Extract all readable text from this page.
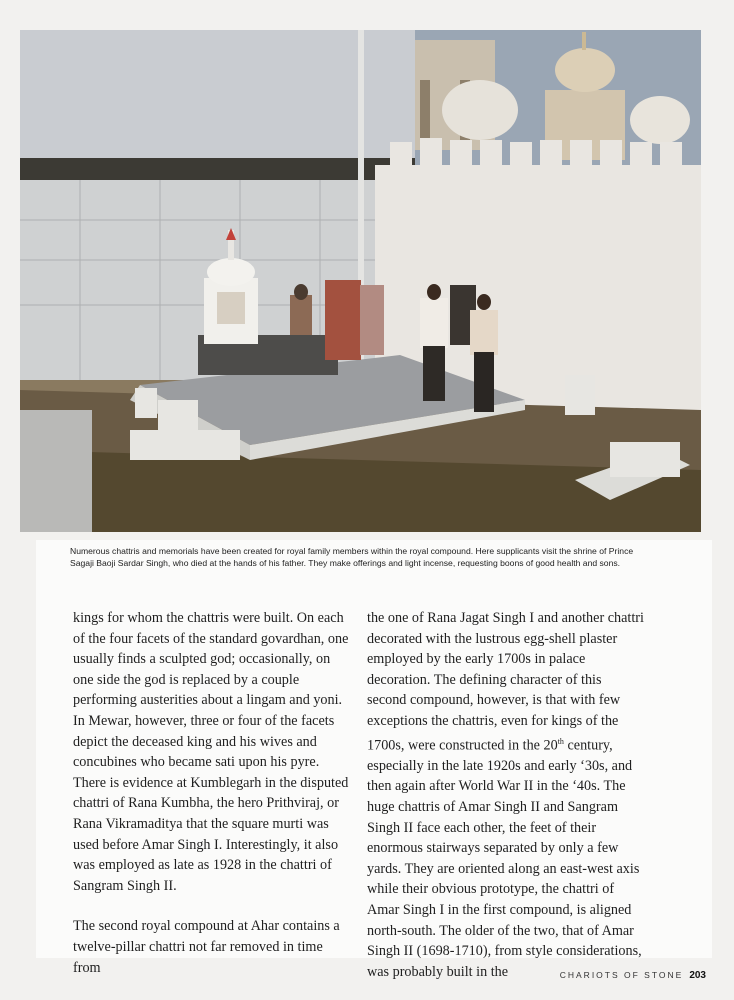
Numerous chattris and memorials have been created for royal family members within the royal compound. Here supplicants visit the shrine of Prince Sagaji Baoji Sardar Singh, who died at the hands of his father. They make offerings and light incense, requesting boons of good health and sons.

kings for whom the chattris were built. On each of the four facets of the standard govardhan, one usually finds a sculpted god; occasionally, on one side the god is replaced by a couple performing austerities about a lingam and yoni. In Mewar, however, three or four of the facets depict the deceased king and his wives and concubines who became sati upon his pyre. There is evidence at Kumblegarh in the disputed chattri of Rana Kumbha, the hero Prithviraj, or Rana Vikramaditya that the square murti was used before Amar Singh I. Interestingly, it also was employed as late as 1928 in the chattri of Sangram Singh II.

The second royal compound at Ahar contains a twelve-pillar chattri not far removed in time from

the one of Rana Jagat Singh I and another chattri decorated with the lustrous egg-shell plaster employed by the early 1700s in palace decoration. The defining character of this second compound, however, is that with few exceptions the chattris, even for kings of the 1700s, were constructed in the 20th century, especially in the late 1920s and early ‘30s, and then again after World War II in the ‘40s. The huge chattris of Amar Singh II and Sangram Singh II face each other, the feet of their enormous stairways separated by only a few yards. They are oriented along an east-west axis while their obvious prototype, the chattri of Amar Singh I in the first compound, is aligned north-south. The older of the two, that of Amar Singh II (1698-1710), from style considerations, was probably built in the	CHARIOTS OF STONE 203
